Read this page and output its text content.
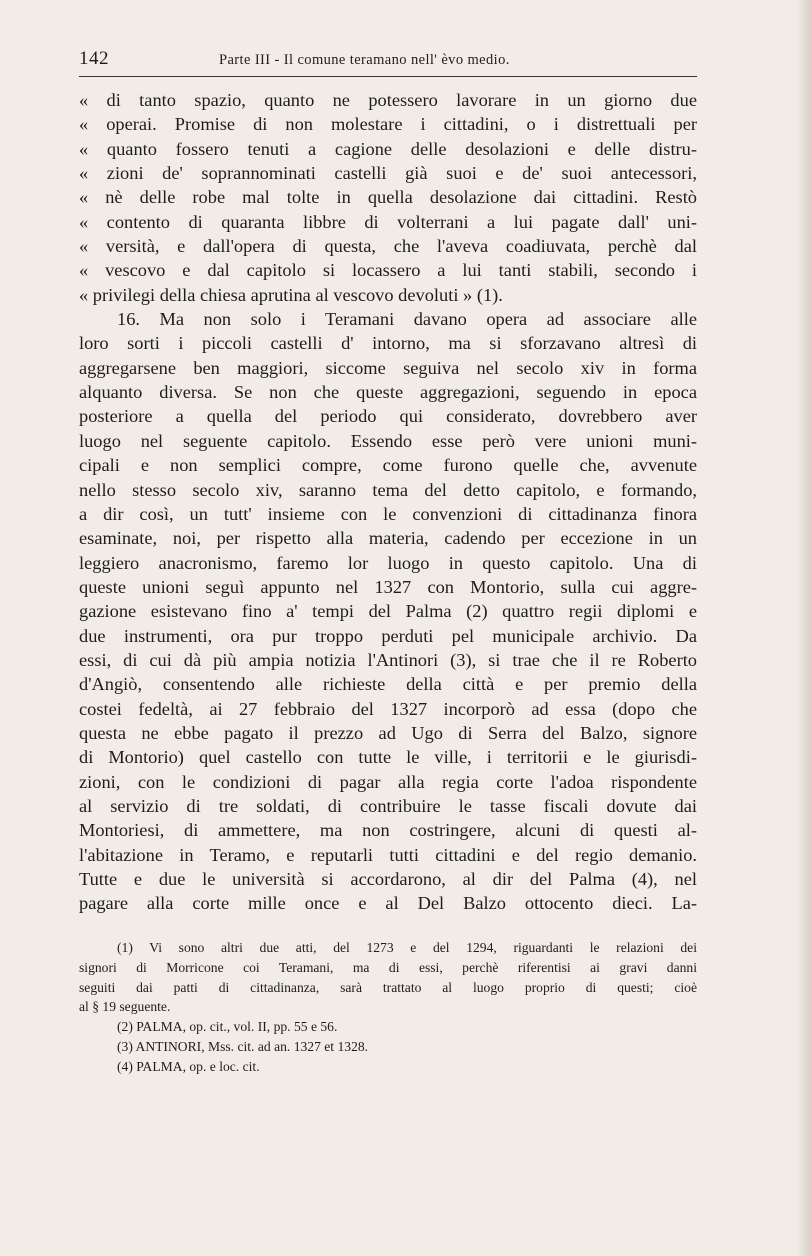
142	Parte III - Il comune teramano nell' èvo medio.
« di tanto spazio, quanto ne potessero lavorare in un giorno due
« operai. Promise di non molestare i cittadini, o i distrettuali per
« quanto fossero tenuti a cagione delle desolazioni e delle distru-
« zioni de' soprannominati castelli già suoi e de' suoi antecessori,
« nè delle robe mal tolte in quella desolazione dai cittadini. Restò
« contento di quaranta libbre di volterrani a lui pagate dall' uni-
« versità, e dall'opera di questa, che l'aveva coadiuvata, perchè dal
« vescovo e dal capitolo si locassero a lui tanti stabili, secondo i
« privilegi della chiesa aprutina al vescovo devoluti » (1).
16. Ma non solo i Teramani davano opera ad associare alle
loro sorti i piccoli castelli d' intorno, ma si sforzavano altresì di
aggregarsene ben maggiori, siccome seguiva nel secolo xiv in forma
alquanto diversa. Se non che queste aggregazioni, seguendo in epoca
posteriore a quella del periodo qui considerato, dovrebbero aver
luogo nel seguente capitolo. Essendo esse però vere unioni muni-
cipali e non semplici compre, come furono quelle che, avvenute
nello stesso secolo xiv, saranno tema del detto capitolo, e formando,
a dir così, un tutt' insieme con le convenzioni di cittadinanza finora
esaminate, noi, per rispetto alla materia, cadendo per eccezione in un
leggiero anacronismo, faremo lor luogo in questo capitolo. Una di
queste unioni seguì appunto nel 1327 con Montorio, sulla cui aggre-
gazione esistevano fino a' tempi del Palma (2) quattro regii diplomi e
due instrumenti, ora pur troppo perduti pel municipale archivio. Da
essi, di cui dà più ampia notizia l'Antinori (3), si trae che il re Roberto
d'Angiò, consentendo alle richieste della città e per premio della
costei fedeltà, ai 27 febbraio del 1327 incorporò ad essa (dopo che
questa ne ebbe pagato il prezzo ad Ugo di Serra del Balzo, signore
di Montorio) quel castello con tutte le ville, i territorii e le giurisdi-
zioni, con le condizioni di pagar alla regia corte l'adoa rispondente
al servizio di tre soldati, di contribuire le tasse fiscali dovute dai
Montoriesi, di ammettere, ma non costringere, alcuni di questi al-
l'abitazione in Teramo, e reputarli tutti cittadini e del regio demanio.
Tutte e due le università si accordarono, al dir del Palma (4), nel
pagare alla corte mille once e al Del Balzo ottocento dieci. La-
(1) Vi sono altri due atti, del 1273 e del 1294, riguardanti le relazioni dei
signori di Morricone coi Teramani, ma di essi, perchè riferentisi ai gravi danni
seguiti dai patti di cittadinanza, sarà trattato al luogo proprio di questi; cioè
al § 19 seguente.
(2) PALMA, op. cit., vol. II, pp. 55 e 56.
(3) ANTINORI, Mss. cit. ad an. 1327 et 1328.
(4) PALMA, op. e loc. cit.
